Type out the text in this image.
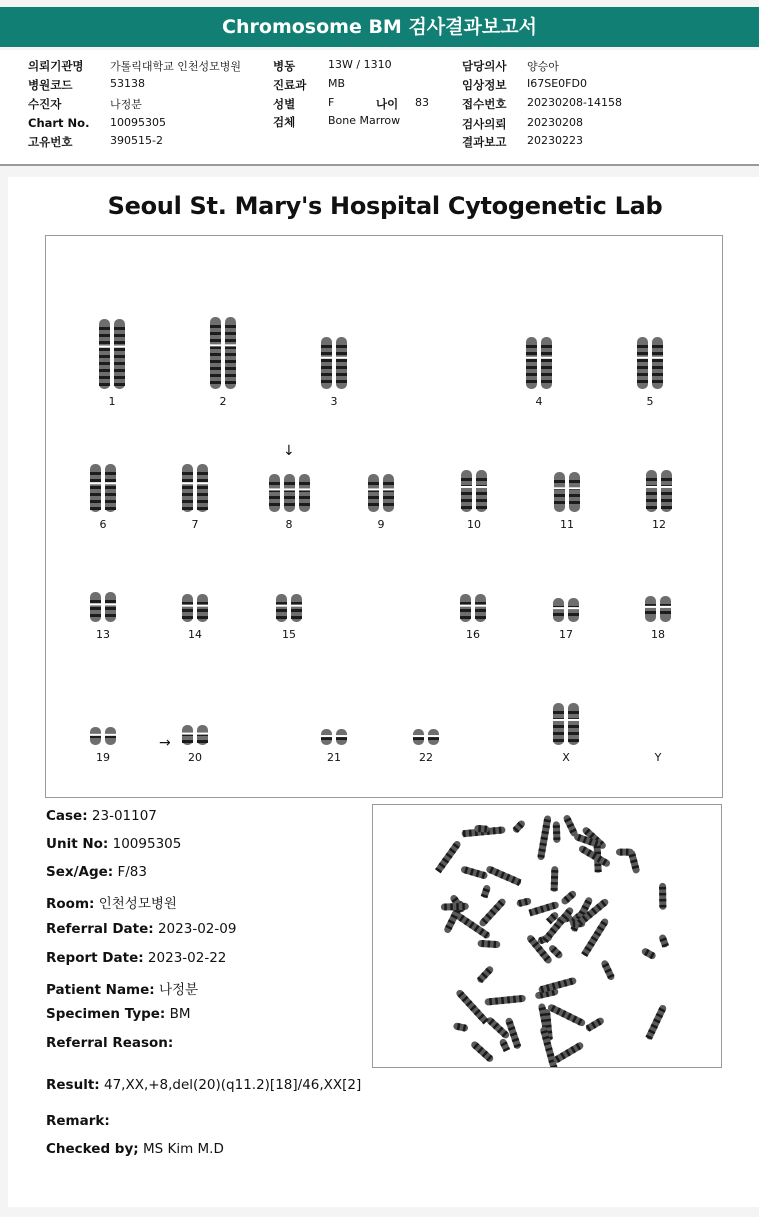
Chromosome BM 검사결과보고서
의뢰기관명 가톨릭대학교 인천성모병원
병원코드	53138
수진자	나정분
Chart No. 10095305
고유번호	390515-2
병동	13W / 1310
진료과 MB
성별	F	나이 83
검체	Bone Marrow
담당의사 양승아
임상정보 I67SE0FD0
접수번호 20230208-14158
검사의뢰 20230208
결과보고 20230223
Seoul St. Mary's Hospital Cytogenetic Lab
1	2	3	4	5
6	7	8	9	10	11	12
13	14	15	16	17	18
19	20	21	22	X	Y
↓
→
Case: 23-01107
Unit No: 10095305
Sex/Age: F/83
Room: 인천성모병원
Referral Date: 2023-02-09
Report Date: 2023-02-22
Patient Name: 나정분
Specimen Type: BM
Referral Reason:
Result: 47,XX,+8,del(20)(q11.2)[18]/46,XX[2]
Remark:
Checked by; MS Kim M.D
